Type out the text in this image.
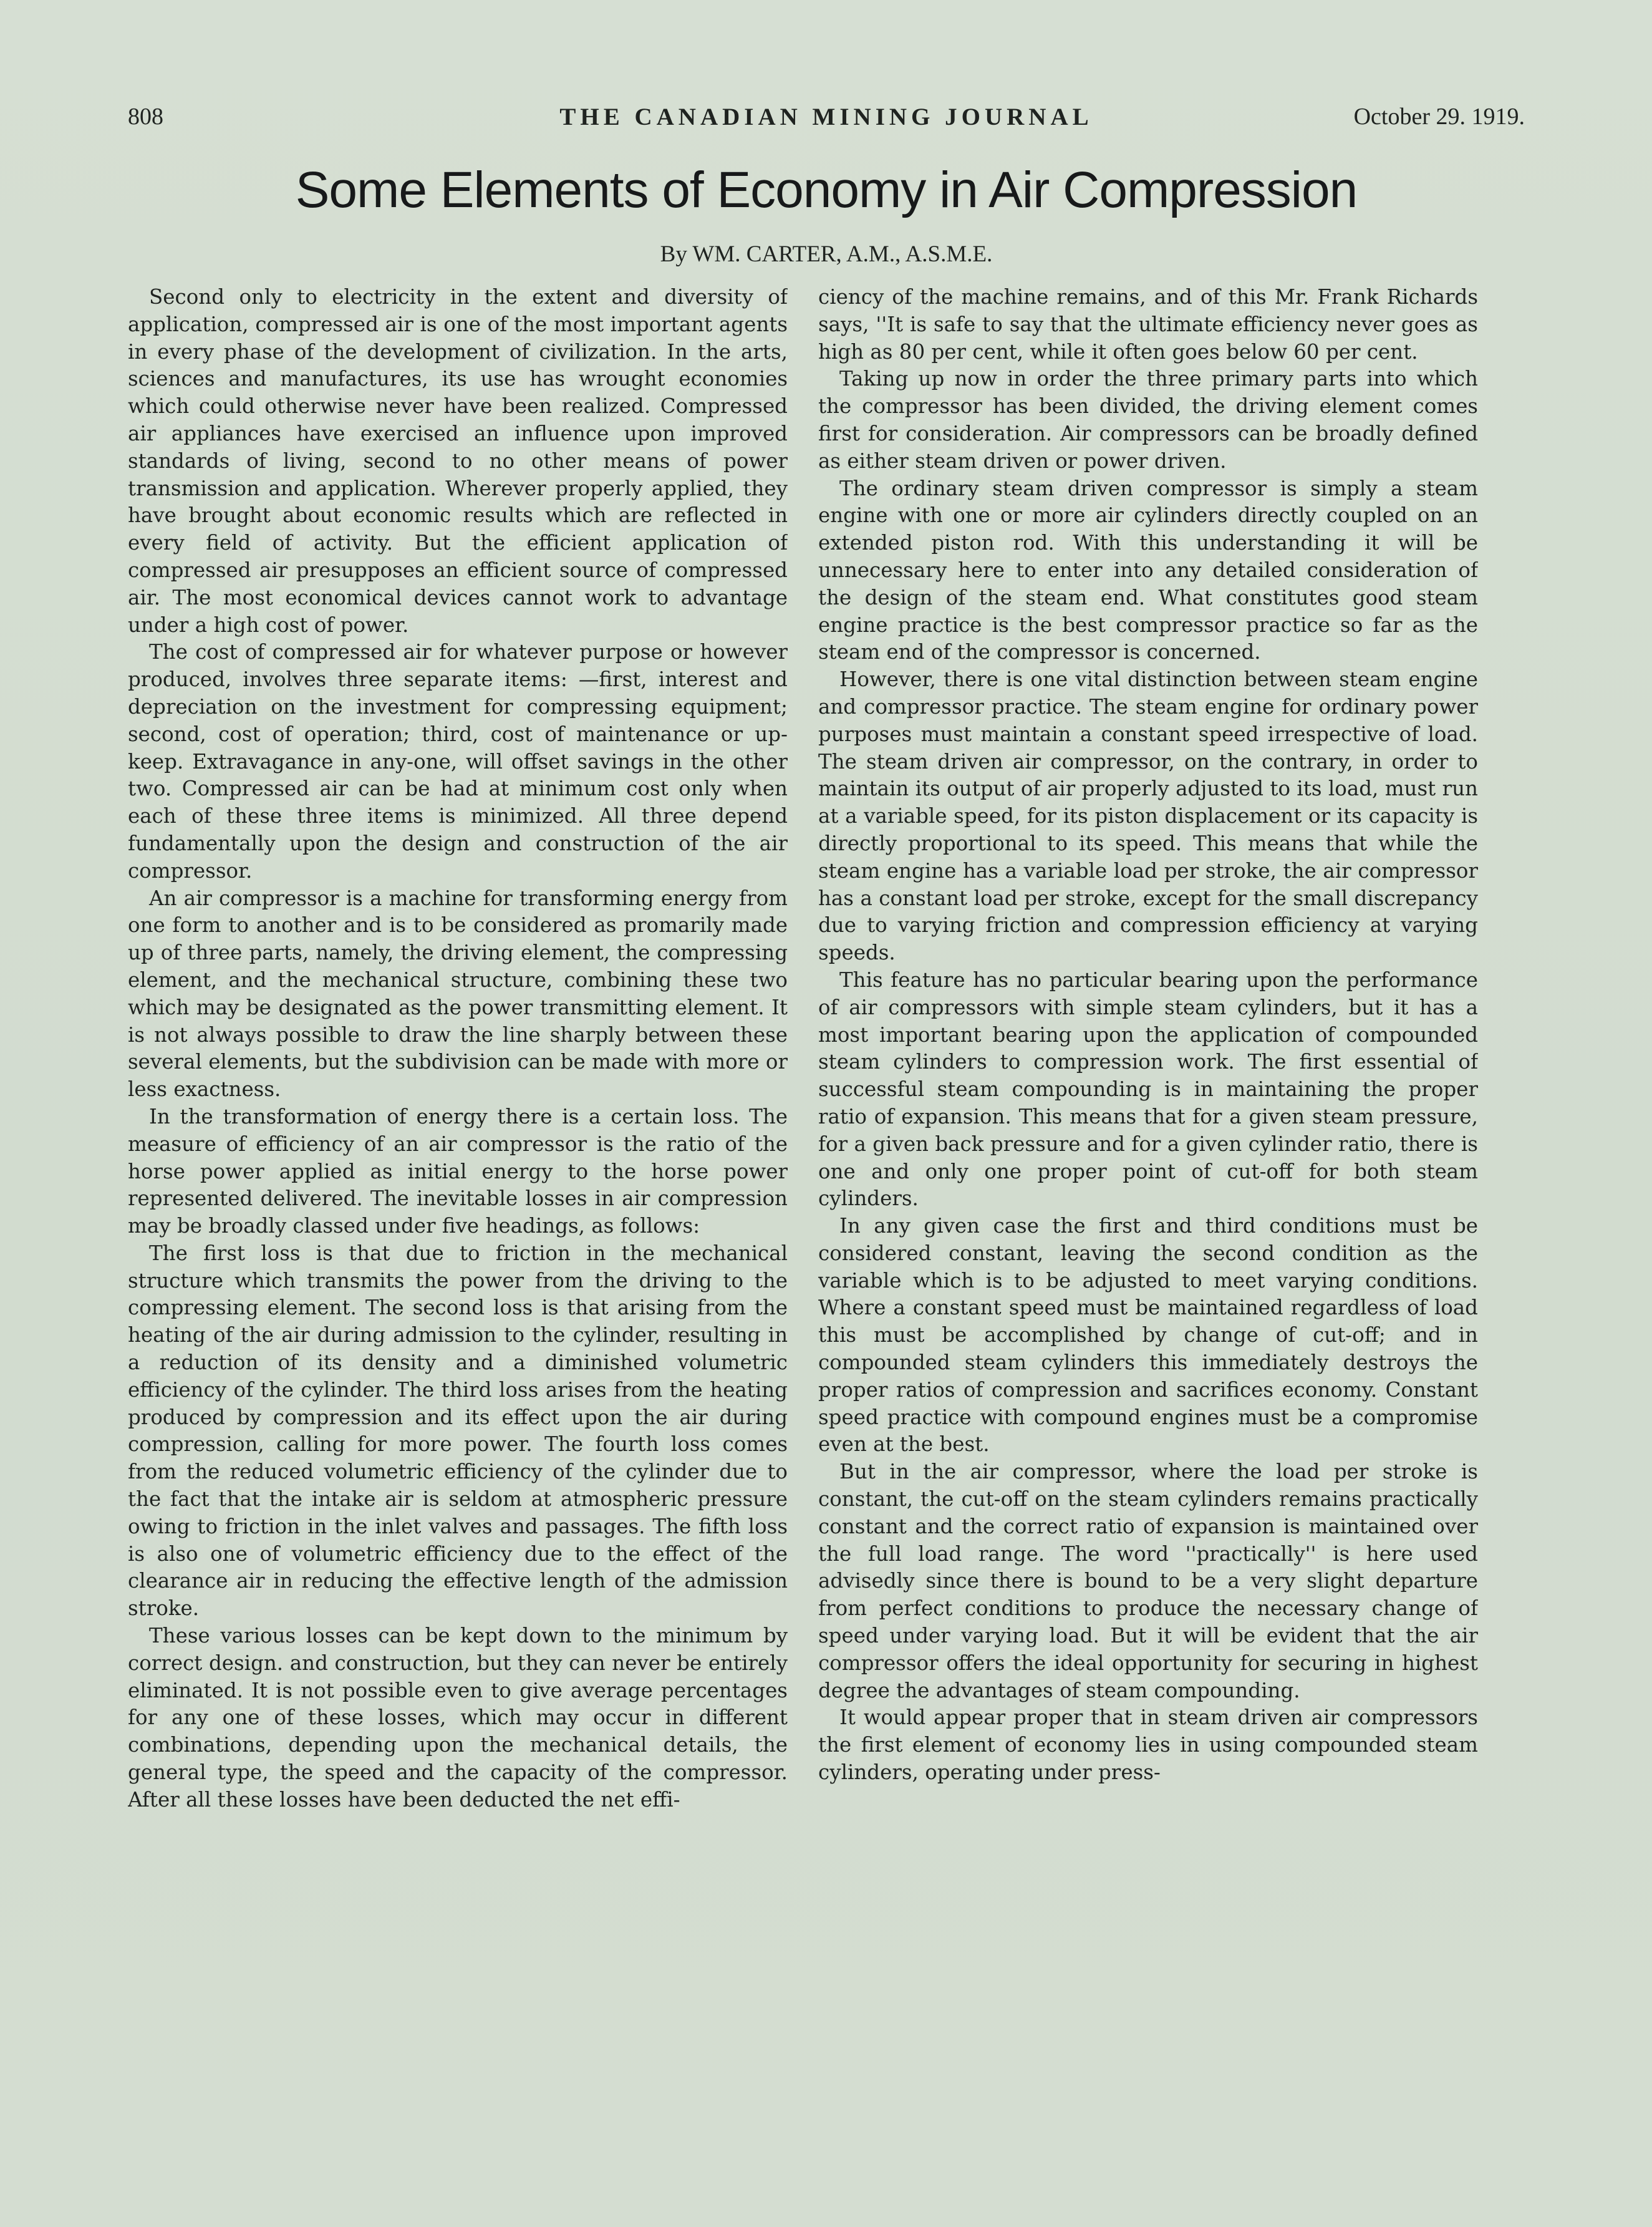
808	THE CANADIAN MINING JOURNAL	October 29. 1919.
Some Elements of Economy in Air Compression
By WM. CARTER, A.M., A.S.M.E.

Second only to electricity in the extent and diversity of application, compressed air is one of the most important agents in every phase of the development of civilization. In the arts, sciences and manufactures, its use has wrought economies which could otherwise never have been realized. Compressed air appliances have exercised an influence upon improved standards of living, second to no other means of power transmission and application. Wherever properly applied, they have brought about economic results which are reflected in every field of activity. But the efficient application of compressed air presupposes an efficient source of compressed air. The most economical devices cannot work to advantage under a high cost of power.

The cost of compressed air for whatever purpose or however produced, involves three separate items: —first, interest and depreciation on the investment for compressing equipment; second, cost of operation; third, cost of maintenance or up-keep. Extravagance in any-one, will offset savings in the other two. Compressed air can be had at minimum cost only when each of these three items is minimized. All three depend fundamentally upon the design and construction of the air compressor.

An air compressor is a machine for transforming energy from one form to another and is to be considered as promarily made up of three parts, namely, the driving element, the compressing element, and the mechanical structure, combining these two which may be designated as the power transmitting element. It is not always possible to draw the line sharply between these several elements, but the subdivision can be made with more or less exactness.

In the transformation of energy there is a certain loss. The measure of efficiency of an air compressor is the ratio of the horse power applied as initial energy to the horse power represented delivered. The inevitable losses in air compression may be broadly classed under five headings, as follows:

The first loss is that due to friction in the mechanical structure which transmits the power from the driving to the compressing element. The second loss is that arising from the heating of the air during admission to the cylinder, resulting in a reduction of its density and a diminished volumetric efficiency of the cylinder. The third loss arises from the heating produced by compression and its effect upon the air during compression, calling for more power. The fourth loss comes from the reduced volumetric efficiency of the cylinder due to the fact that the intake air is seldom at atmospheric pressure owing to friction in the inlet valves and passages. The fifth loss is also one of volumetric efficiency due to the effect of the clearance air in reducing the effective length of the admission stroke.

These various losses can be kept down to the minimum by correct design. and construction, but they can never be entirely eliminated. It is not possible even to give average percentages for any one of these losses, which may occur in different combinations, depending upon the mechanical details, the general type, the speed and the capacity of the compressor. After all these losses have been deducted the net effi-

ciency of the machine remains, and of this Mr. Frank Richards says, ''It is safe to say that the ultimate efficiency never goes as high as 80 per cent, while it often goes below 60 per cent.

Taking up now in order the three primary parts into which the compressor has been divided, the driving element comes first for consideration. Air compressors can be broadly defined as either steam driven or power driven.

The ordinary steam driven compressor is simply a steam engine with one or more air cylinders directly coupled on an extended piston rod. With this understanding it will be unnecessary here to enter into any detailed consideration of the design of the steam end. What constitutes good steam engine practice is the best compressor practice so far as the steam end of the compressor is concerned.

However, there is one vital distinction between steam engine and compressor practice. The steam engine for ordinary power purposes must maintain a constant speed irrespective of load. The steam driven air compressor, on the contrary, in order to maintain its output of air properly adjusted to its load, must run at a variable speed, for its piston displacement or its capacity is directly proportional to its speed. This means that while the steam engine has a variable load per stroke, the air compressor has a constant load per stroke, except for the small discrepancy due to varying friction and compression efficiency at varying speeds.

This feature has no particular bearing upon the performance of air compressors with simple steam cylinders, but it has a most important bearing upon the application of compounded steam cylinders to compression work. The first essential of successful steam compounding is in maintaining the proper ratio of expansion. This means that for a given steam pressure, for a given back pressure and for a given cylinder ratio, there is one and only one proper point of cut-off for both steam cylinders.

In any given case the first and third conditions must be considered constant, leaving the second condition as the variable which is to be adjusted to meet varying conditions. Where a constant speed must be maintained regardless of load this must be accomplished by change of cut-off; and in compounded steam cylinders this immediately destroys the proper ratios of compression and sacrifices economy. Constant speed practice with compound engines must be a compromise even at the best.

But in the air compressor, where the load per stroke is constant, the cut-off on the steam cylinders remains practically constant and the correct ratio of expansion is maintained over the full load range. The word ''practically'' is here used advisedly since there is bound to be a very slight departure from perfect conditions to produce the necessary change of speed under varying load. But it will be evident that the air compressor offers the ideal opportunity for securing in highest degree the advantages of steam compounding.

It would appear proper that in steam driven air compressors the first element of economy lies in using compounded steam cylinders, operating under press-
